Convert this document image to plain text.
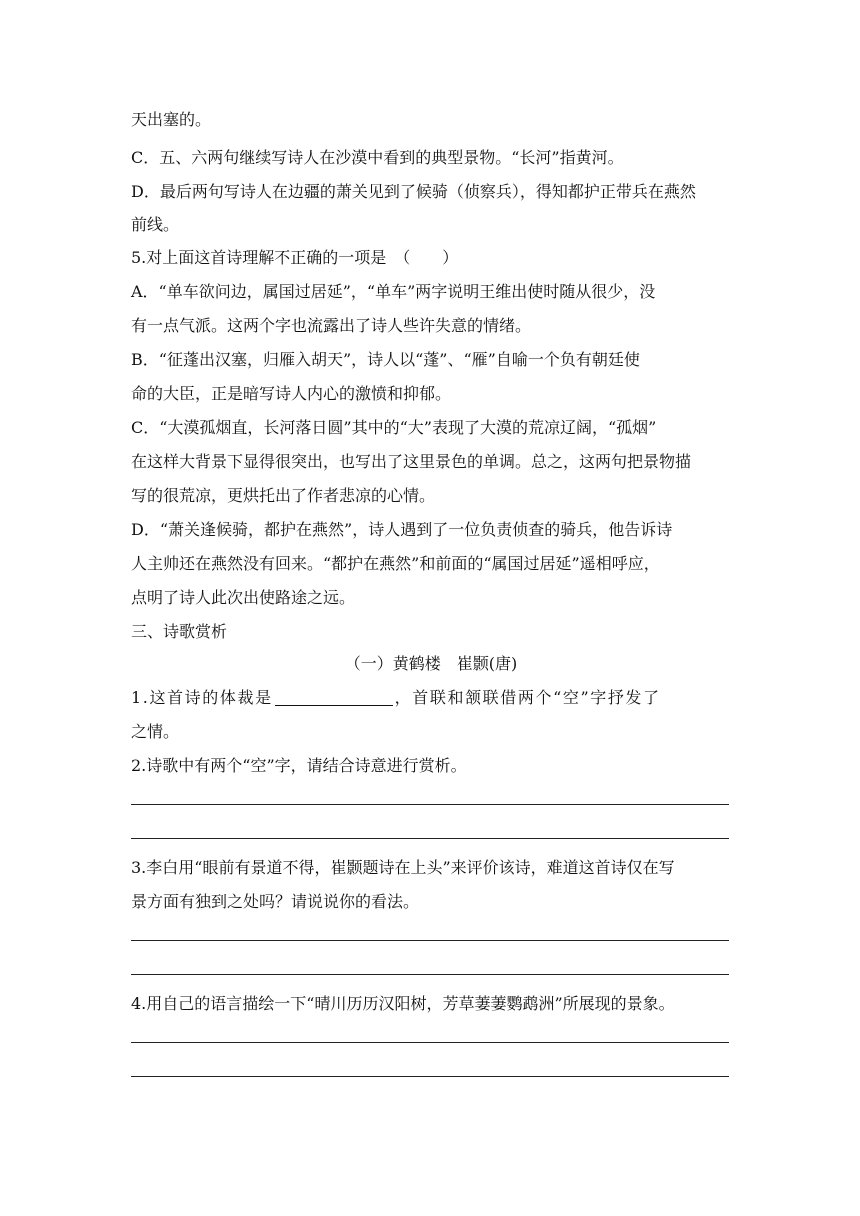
天出塞的。
C．五、六两句继续写诗人在沙漠中看到的典型景物。“长河”指黄河。
D．最后两句写诗人在边疆的萧关见到了候骑（侦察兵），得知都护正带兵在燕然
前线。
5.对上面这首诗理解不正确的一项是　（　　）
A．“单车欲问边，属国过居延”，“单车”两字说明王维出使时随从很少，没
有一点气派。这两个字也流露出了诗人些许失意的情绪。
B．“征蓬出汉塞，归雁入胡天”，诗人以“蓬”、“雁”自喻一个负有朝廷使
命的大臣，正是暗写诗人内心的激愤和抑郁。
C．“大漠孤烟直，长河落日圆”其中的“大”表现了大漠的荒凉辽阔，“孤烟”
在这样大背景下显得很突出，也写出了这里景色的单调。总之，这两句把景物描
写的很荒凉，更烘托出了作者悲凉的心情。
D．“萧关逢候骑，都护在燕然”，诗人遇到了一位负责侦查的骑兵，他告诉诗
人主帅还在燕然没有回来。“都护在燕然”和前面的“属国过居延”遥相呼应，
点明了诗人此次出使路途之远。
三、诗歌赏析
（一）黄鹤楼　崔颢(唐)
1.这首诗的体裁是	，首联和颔联借两个“空”字抒发了
之情。
2.诗歌中有两个“空”字，请结合诗意进行赏析。
3.李白用“眼前有景道不得，崔颢题诗在上头”来评价该诗，难道这首诗仅在写
景方面有独到之处吗？请说说你的看法。
4.用自己的语言描绘一下“晴川历历汉阳树，芳草萋萋鹦鹉洲”所展现的景象。
